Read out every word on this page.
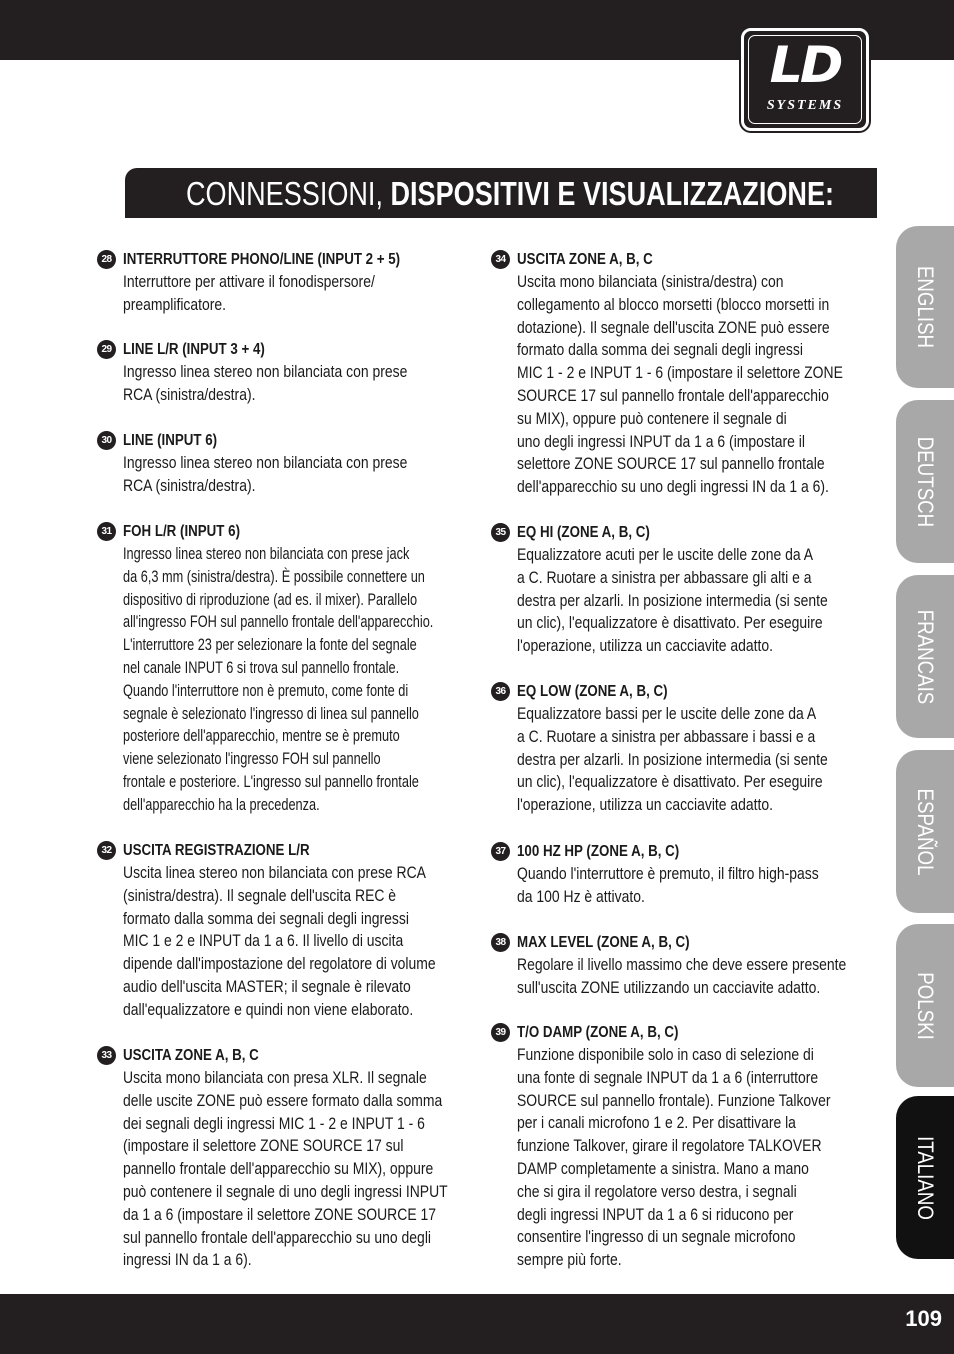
LD
SYSTEMS
CONNESSIONI, DISPOSITIVI E VISUALIZZAZIONE:
28 INTERRUTTORE PHONO/LINE (INPUT 2 + 5)
Interruttore per attivare il fonodispersore/
preamplificatore.
29 LINE L/R (INPUT 3 + 4)
Ingresso linea stereo non bilanciata con prese
RCA (sinistra/destra).
30 LINE (INPUT 6)
Ingresso linea stereo non bilanciata con prese
RCA (sinistra/destra).
31 FOH L/R (INPUT 6)
Ingresso linea stereo non bilanciata con prese jack
da 6,3 mm (sinistra/destra). È possibile connettere un
dispositivo di riproduzione (ad es. il mixer). Parallelo
all'ingresso FOH sul pannello frontale dell'apparecchio.
L'interruttore 23 per selezionare la fonte del segnale
nel canale INPUT 6 si trova sul pannello frontale.
Quando l'interruttore non è premuto, come fonte di
segnale è selezionato l'ingresso di linea sul pannello
posteriore dell'apparecchio, mentre se è premuto
viene selezionato l'ingresso FOH sul pannello
frontale e posteriore. L'ingresso sul pannello frontale
dell'apparecchio ha la precedenza.
32 USCITA REGISTRAZIONE L/R
Uscita linea stereo non bilanciata con prese RCA
(sinistra/destra). Il segnale dell'uscita REC è
formato dalla somma dei segnali degli ingressi
MIC 1 e 2 e INPUT da 1 a 6. Il livello di uscita
dipende dall'impostazione del regolatore di volume
audio dell'uscita MASTER; il segnale è rilevato
dall'equalizzatore e quindi non viene elaborato.
33 USCITA ZONE A, B, C
Uscita mono bilanciata con presa XLR. Il segnale
delle uscite ZONE può essere formato dalla somma
dei segnali degli ingressi MIC 1 - 2 e INPUT 1 - 6
(impostare il selettore ZONE SOURCE 17 sul
pannello frontale dell'apparecchio su MIX), oppure
può contenere il segnale di uno degli ingressi INPUT
da 1 a 6 (impostare il selettore ZONE SOURCE 17
sul pannello frontale dell'apparecchio su uno degli
ingressi IN da 1 a 6).
34 USCITA ZONE A, B, C
Uscita mono bilanciata (sinistra/destra) con
collegamento al blocco morsetti (blocco morsetti in
dotazione). Il segnale dell'uscita ZONE può essere
formato dalla somma dei segnali degli ingressi
MIC 1 - 2 e INPUT 1 - 6 (impostare il selettore ZONE
SOURCE 17 sul pannello frontale dell'apparecchio
su MIX), oppure può contenere il segnale di
uno degli ingressi INPUT da 1 a 6 (impostare il
selettore ZONE SOURCE 17 sul pannello frontale
dell'apparecchio su uno degli ingressi IN da 1 a 6).
35 EQ HI (ZONE A, B, C)
Equalizzatore acuti per le uscite delle zone da A
a C. Ruotare a sinistra per abbassare gli alti e a
destra per alzarli. In posizione intermedia (si sente
un clic), l'equalizzatore è disattivato. Per eseguire
l'operazione, utilizza un cacciavite adatto.
36 EQ LOW (ZONE A, B, C)
Equalizzatore bassi per le uscite delle zone da A
a C. Ruotare a sinistra per abbassare i bassi e a
destra per alzarli. In posizione intermedia (si sente
un clic), l'equalizzatore è disattivato. Per eseguire
l'operazione, utilizza un cacciavite adatto.
37 100 HZ HP (ZONE A, B, C)
Quando l'interruttore è premuto, il filtro high-pass
da 100 Hz è attivato.
38 MAX LEVEL (ZONE A, B, C)
Regolare il livello massimo che deve essere presente
sull'uscita ZONE utilizzando un cacciavite adatto.
39 T/O DAMP (ZONE A, B, C)
Funzione disponibile solo in caso di selezione di
una fonte di segnale INPUT da 1 a 6 (interruttore
SOURCE sul pannello frontale). Funzione Talkover
per i canali microfono 1 e 2. Per disattivare la
funzione Talkover, girare il regolatore TALKOVER
DAMP completamente a sinistra. Mano a mano
che si gira il regolatore verso destra, i segnali
degli ingressi INPUT da 1 a 6 si riducono per
consentire l'ingresso di un segnale microfono
sempre più forte.
ENGLISH
DEUTSCH
FRANCAIS
ESPAÑOL
POLSKI
ITALIANO
109
